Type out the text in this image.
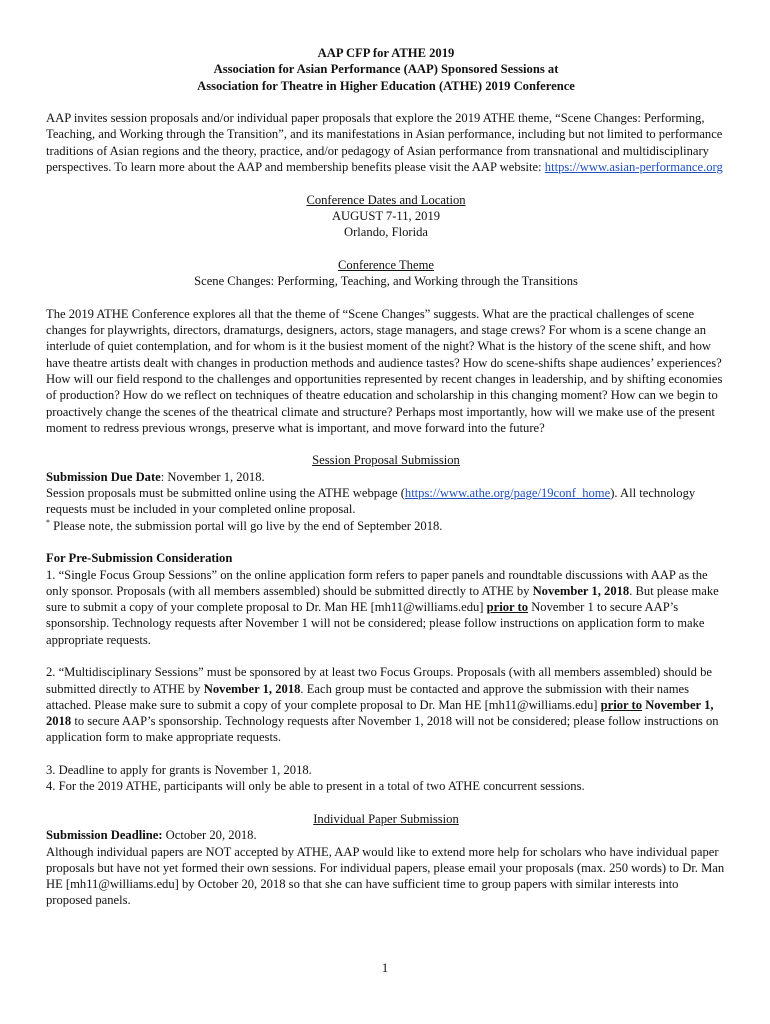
AAP CFP for ATHE 2019

Association for Asian Performance (AAP) Sponsored Sessions at

Association for Theatre in Higher Education (ATHE) 2019 Conference

AAP invites session proposals and/or individual paper proposals that explore the 2019 ATHE theme, “Scene Changes: Performing, Teaching, and Working through the Transition”, and its manifestations in Asian performance, including but not limited to performance traditions of Asian regions and the theory, practice, and/or pedagogy of Asian performance from transnational and multidisciplinary perspectives. To learn more about the AAP and membership benefits please visit the AAP website: https://www.asian-performance.org

Conference Dates and Location

AUGUST 7-11, 2019

Orlando, Florida

Conference Theme

Scene Changes: Performing, Teaching, and Working through the Transitions

The 2019 ATHE Conference explores all that the theme of “Scene Changes” suggests. What are the practical challenges of scene changes for playwrights, directors, dramaturgs, designers, actors, stage managers, and stage crews? For whom is a scene change an interlude of quiet contemplation, and for whom is it the busiest moment of the night? What is the history of the scene shift, and how have theatre artists dealt with changes in production methods and audience tastes? How do scene-shifts shape audiences’ experiences? How will our field respond to the challenges and opportunities represented by recent changes in leadership, and by shifting economies of production? How do we reflect on techniques of theatre education and scholarship in this changing moment? How can we begin to proactively change the scenes of the theatrical climate and structure? Perhaps most importantly, how will we make use of the present moment to redress previous wrongs, preserve what is important, and move forward into the future?

Session Proposal Submission

Submission Due Date: November 1, 2018.

Session proposals must be submitted online using the ATHE webpage (https://www.athe.org/page/19conf_home). All technology requests must be included in your completed online proposal.

* Please note, the submission portal will go live by the end of September 2018.

For Pre-Submission Consideration

1. “Single Focus Group Sessions” on the online application form refers to paper panels and roundtable discussions with AAP as the only sponsor. Proposals (with all members assembled) should be submitted directly to ATHE by November 1, 2018. But please make sure to submit a copy of your complete proposal to Dr. Man HE [mh11@williams.edu] prior to November 1 to secure AAP’s sponsorship. Technology requests after November 1 will not be considered; please follow instructions on application form to make appropriate requests.

2. “Multidisciplinary Sessions” must be sponsored by at least two Focus Groups. Proposals (with all members assembled) should be submitted directly to ATHE by November 1, 2018. Each group must be contacted and approve the submission with their names attached. Please make sure to submit a copy of your complete proposal to Dr. Man HE [mh11@williams.edu] prior to November 1, 2018 to secure AAP’s sponsorship. Technology requests after November 1, 2018 will not be considered; please follow instructions on application form to make appropriate requests.

3. Deadline to apply for grants is November 1, 2018.

4. For the 2019 ATHE, participants will only be able to present in a total of two ATHE concurrent sessions.

Individual Paper Submission

Submission Deadline: October 20, 2018.

Although individual papers are NOT accepted by ATHE, AAP would like to extend more help for scholars who have individual paper proposals but have not yet formed their own sessions. For individual papers, please email your proposals (max. 250 words) to Dr. Man HE [mh11@williams.edu] by October 20, 2018 so that she can have sufficient time to group papers with similar interests into proposed panels.

1
